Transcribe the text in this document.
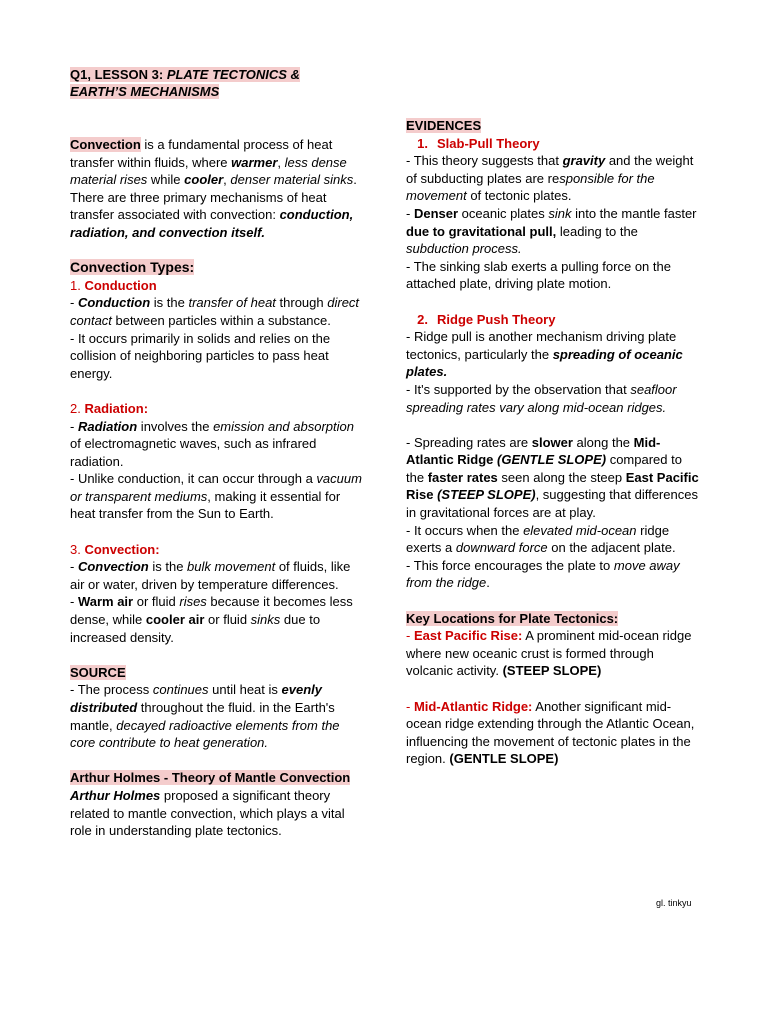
Q1, LESSON 3: PLATE TECTONICS &
EARTH’S MECHANISMS

Convection is a fundamental process of heat transfer within fluids, where warmer, less dense material rises while cooler, denser material sinks. There are three primary mechanisms of heat transfer associated with convection: conduction, radiation, and convection itself.

Convection Types:

1. Conduction

- Conduction is the transfer of heat through direct contact between particles within a substance.

- It occurs primarily in solids and relies on the collision of neighboring particles to pass heat energy.

2. Radiation:

- Radiation involves the emission and absorption of electromagnetic waves, such as infrared radiation.

- Unlike conduction, it can occur through a vacuum or transparent mediums, making it essential for heat transfer from the Sun to Earth.

3. Convection:

- Convection is the bulk movement of fluids, like air or water, driven by temperature differences.

- Warm air or fluid rises because it becomes less dense, while cooler air or fluid sinks due to increased density.

SOURCE

- The process continues until heat is evenly distributed throughout the fluid. in the Earth's mantle, decayed radioactive elements from the core contribute to heat generation.

Arthur Holmes - Theory of Mantle Convection

Arthur Holmes proposed a significant theory related to mantle convection, which plays a vital role in understanding plate tectonics.

EVIDENCES

1. Slab-Pull Theory

- This theory suggests that gravity and the weight of subducting plates are responsible for the movement of tectonic plates.

- Denser oceanic plates sink into the mantle faster due to gravitational pull, leading to the subduction process.

- The sinking slab exerts a pulling force on the attached plate, driving plate motion.

2. Ridge Push Theory

- Ridge pull is another mechanism driving plate tectonics, particularly the spreading of oceanic plates.

- It's supported by the observation that seafloor spreading rates vary along mid-ocean ridges.

- Spreading rates are slower along the Mid-Atlantic Ridge (GENTLE SLOPE) compared to the faster rates seen along the steep East Pacific Rise (STEEP SLOPE), suggesting that differences in gravitational forces are at play.

- It occurs when the elevated mid-ocean ridge exerts a downward force on the adjacent plate.

- This force encourages the plate to move away from the ridge.

Key Locations for Plate Tectonics:

- East Pacific Rise: A prominent mid-ocean ridge where new oceanic crust is formed through volcanic activity. (STEEP SLOPE)

- Mid-Atlantic Ridge: Another significant mid-ocean ridge extending through the Atlantic Ocean, influencing the movement of tectonic plates in the region. (GENTLE SLOPE)

gl. tinkyu
